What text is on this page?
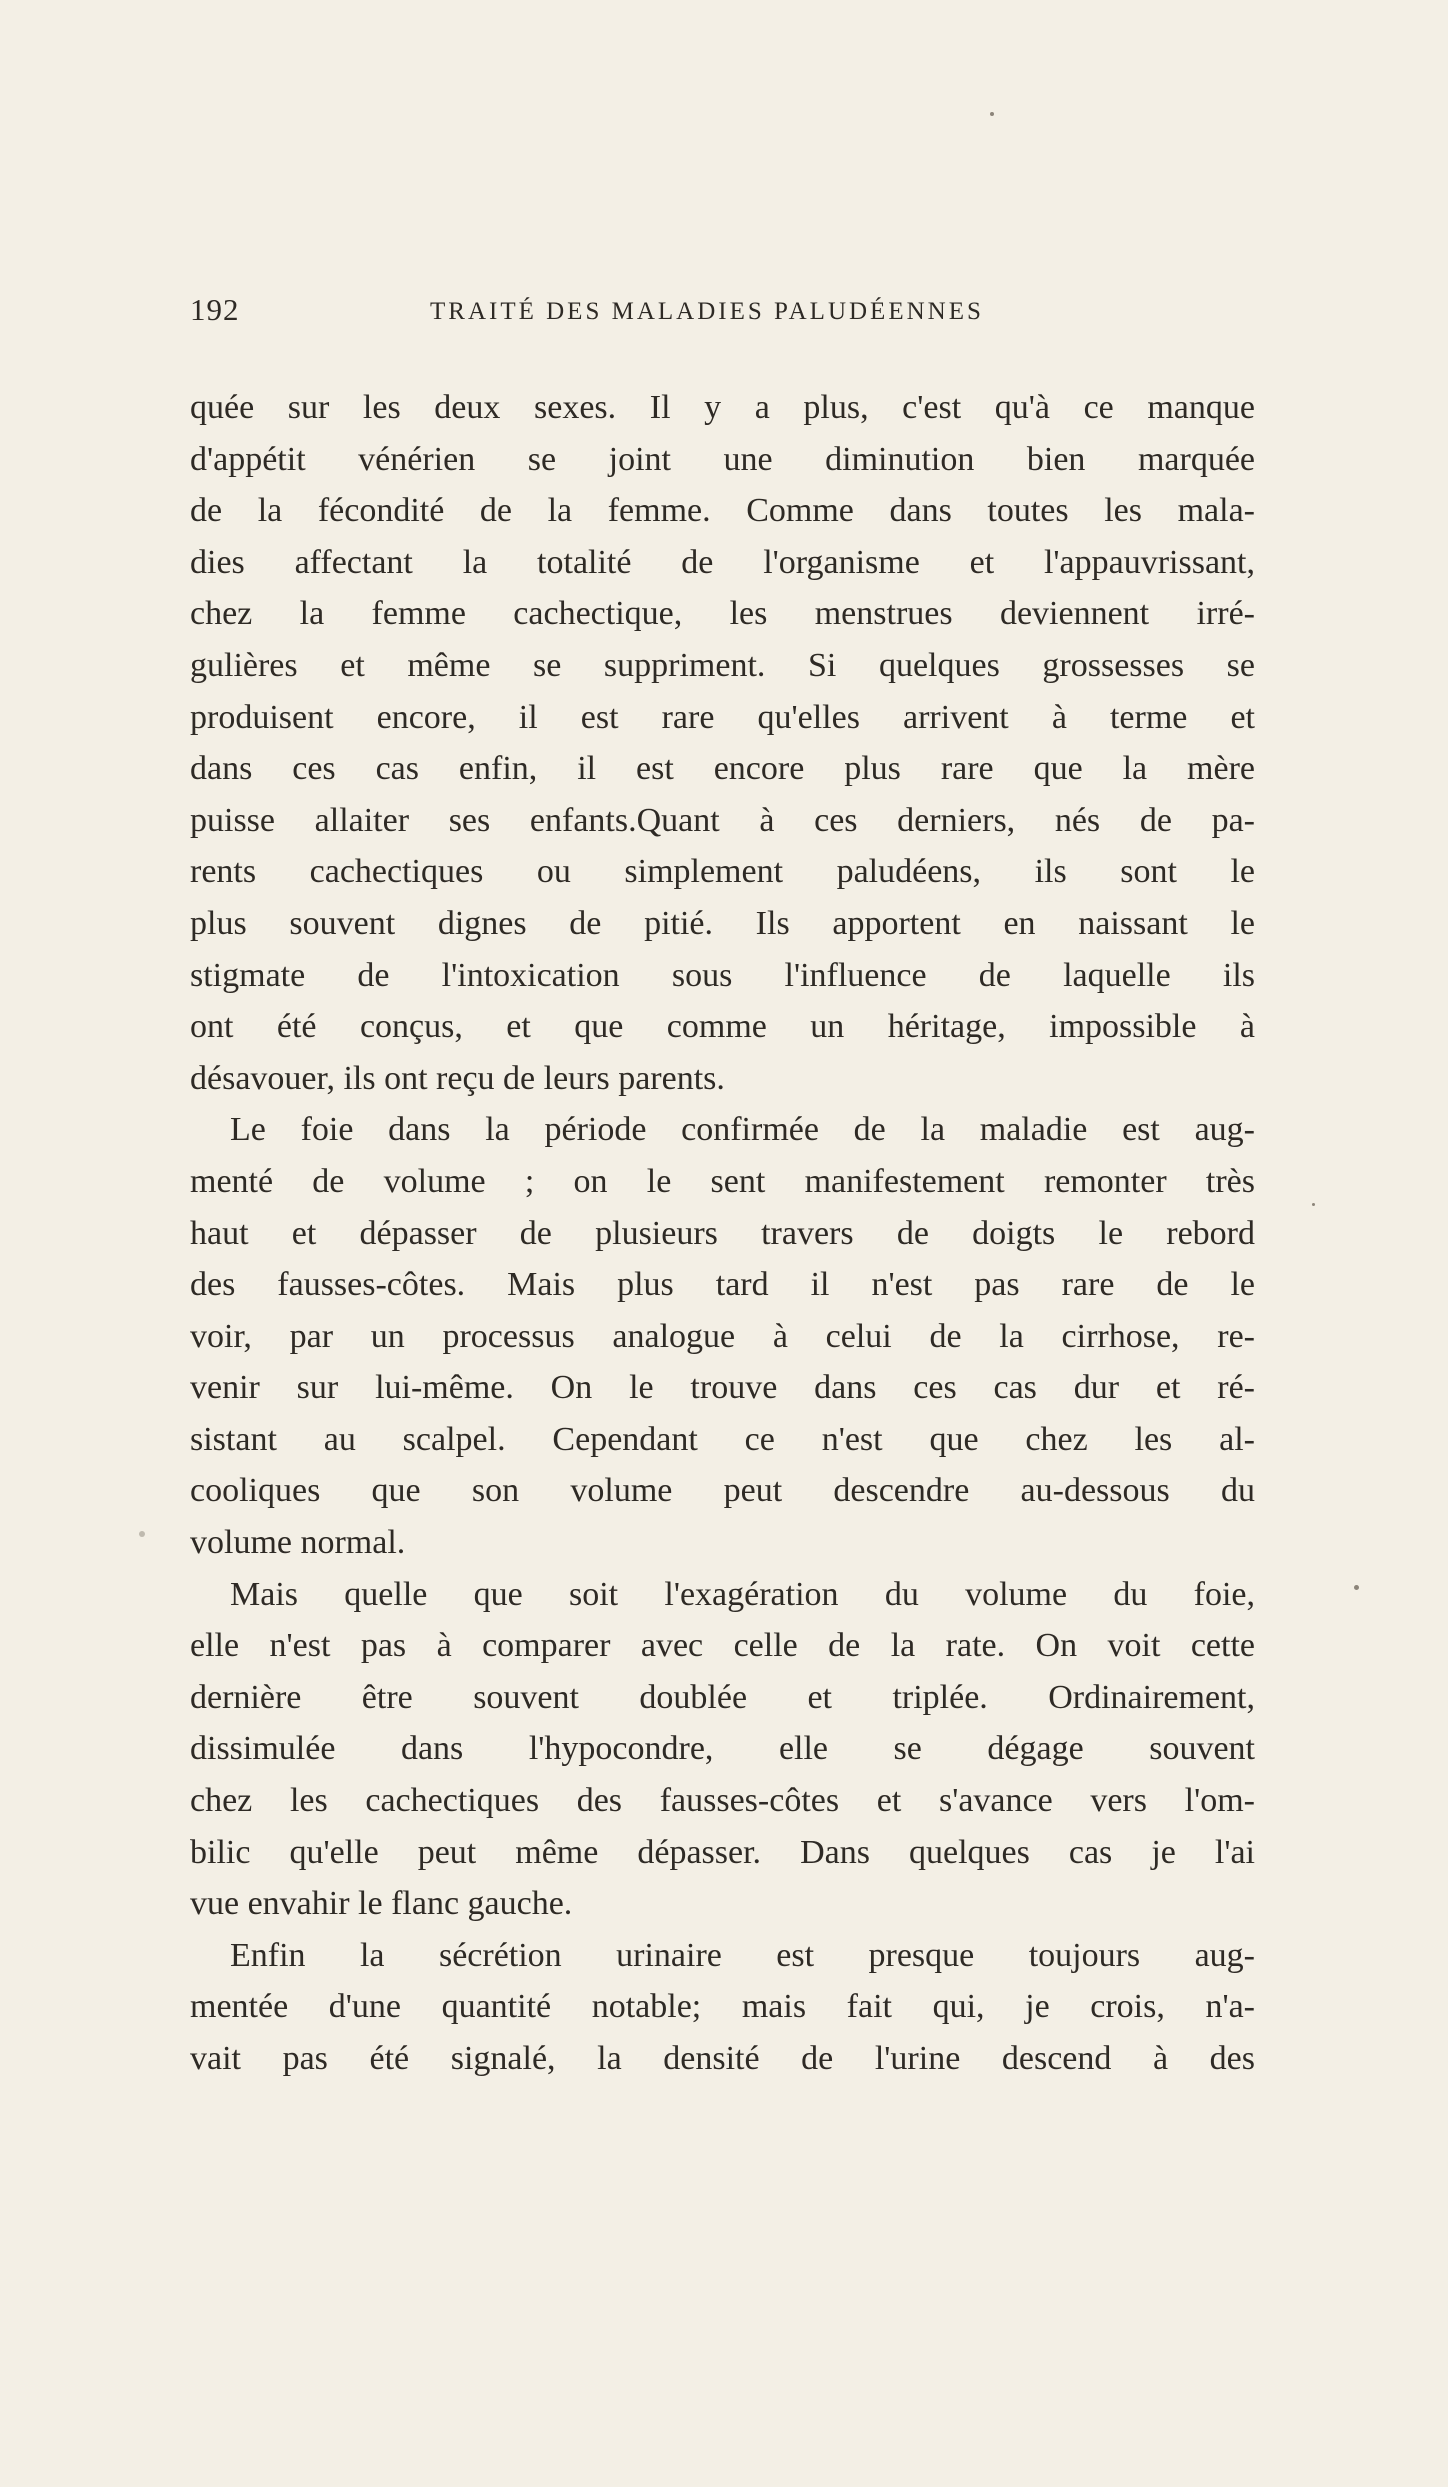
192	TRAITÉ DES MALADIES PALUDÉENNES
quée sur les deux sexes. Il y a plus, c'est qu'à ce manque
d'appétit vénérien se joint une diminution bien marquée
de la fécondité de la femme. Comme dans toutes les mala-
dies affectant la totalité de l'organisme et l'appauvrissant,
chez la femme cachectique, les menstrues deviennent irré-
gulières et même se suppriment. Si quelques grossesses se
produisent encore, il est rare qu'elles arrivent à terme et
dans ces cas enfin, il est encore plus rare que la mère
puisse allaiter ses enfants.Quant à ces derniers, nés de pa-
rents cachectiques ou simplement paludéens, ils sont le
plus souvent dignes de pitié. Ils apportent en naissant le
stigmate de l'intoxication sous l'influence de laquelle ils
ont été conçus, et que comme un héritage, impossible à
désavouer, ils ont reçu de leurs parents.
Le foie dans la période confirmée de la maladie est aug-
menté de volume ; on le sent manifestement remonter très
haut et dépasser de plusieurs travers de doigts le rebord
des fausses-côtes. Mais plus tard il n'est pas rare de le
voir, par un processus analogue à celui de la cirrhose, re-
venir sur lui-même. On le trouve dans ces cas dur et ré-
sistant au scalpel. Cependant ce n'est que chez les al-
cooliques que son volume peut descendre au-dessous du
volume normal.
Mais quelle que soit l'exagération du volume du foie,
elle n'est pas à comparer avec celle de la rate. On voit cette
dernière être souvent doublée et triplée. Ordinairement,
dissimulée dans l'hypocondre, elle se dégage souvent
chez les cachectiques des fausses-côtes et s'avance vers l'om-
bilic qu'elle peut même dépasser. Dans quelques cas je l'ai
vue envahir le flanc gauche.
Enfin la sécrétion urinaire est presque toujours aug-
mentée d'une quantité notable; mais fait qui, je crois, n'a-
vait pas été signalé, la densité de l'urine descend à des
